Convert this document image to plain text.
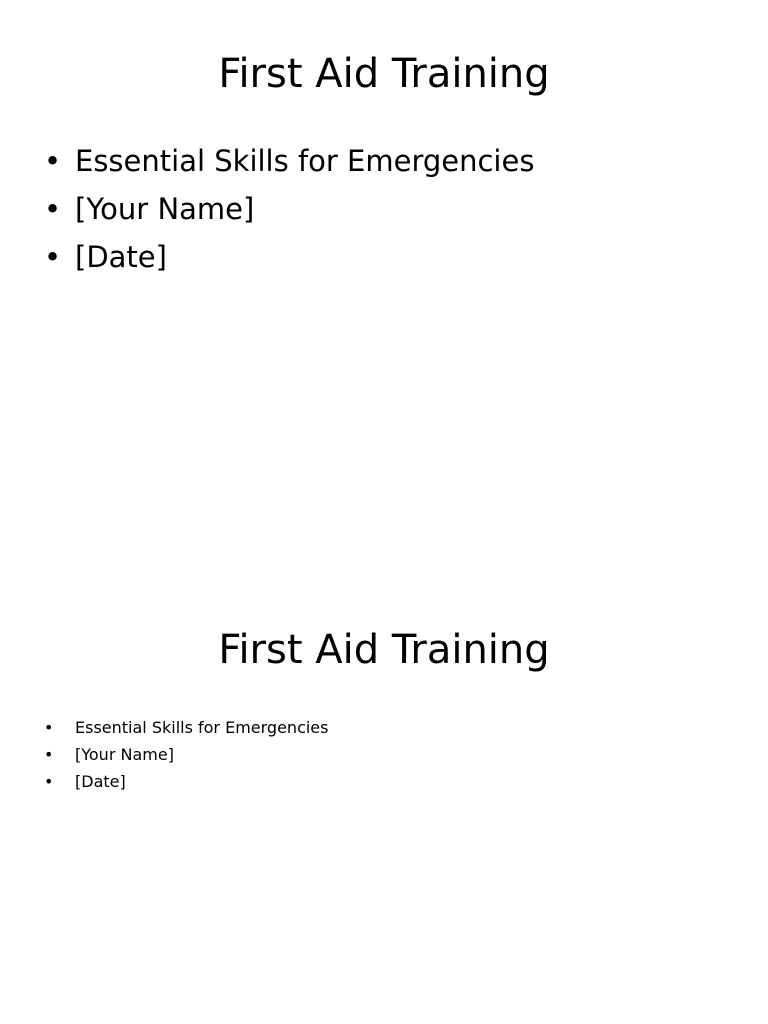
First Aid Training
• Essential Skills for Emergencies
• [Your Name]
• [Date]
First Aid Training
•	Essential Skills for Emergencies
•	[Your Name]
•	[Date]
